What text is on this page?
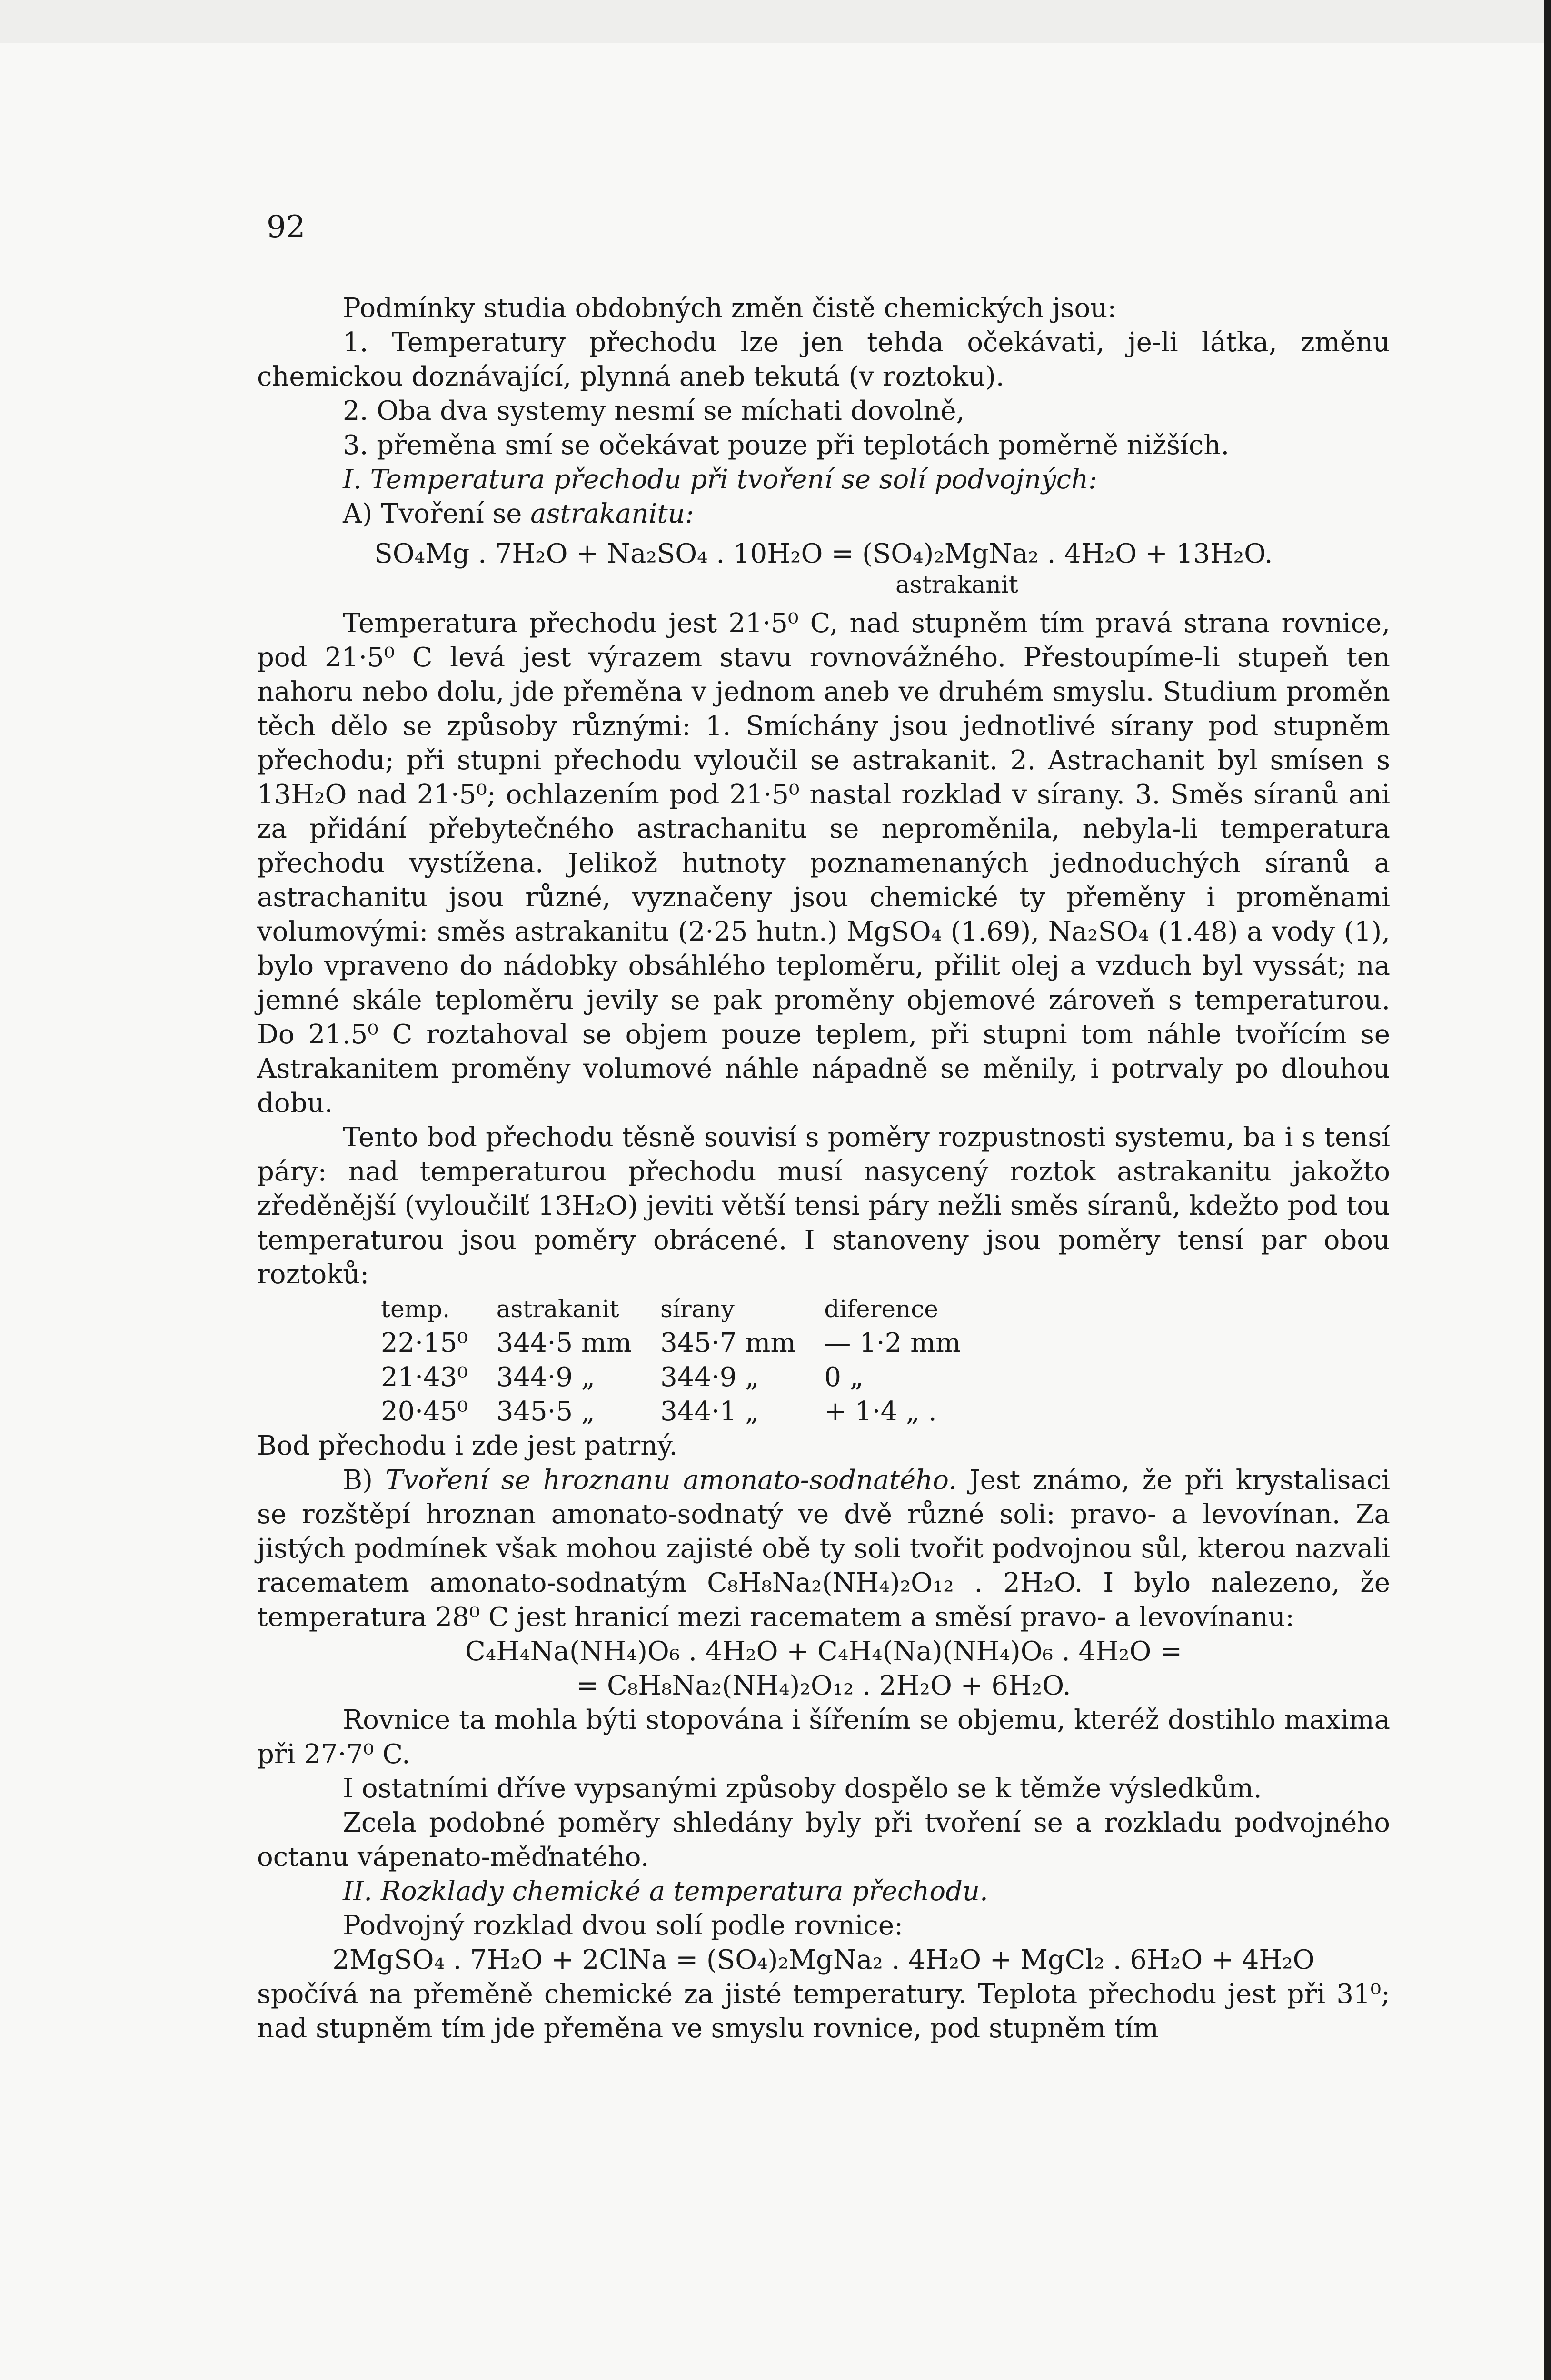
92

Podmínky studia obdobných změn čistě chemických jsou:

1. Temperatury přechodu lze jen tehda očekávati, je-li látka, změnu chemickou doznávající, plynná aneb tekutá (v roztoku).

2. Oba dva systemy nesmí se míchati dovolně,

3. přeměna smí se očekávat pouze při teplotách poměrně nižších.

I. Temperatura přechodu při tvoření se solí podvojných:

A) Tvoření se astrakanitu:

SO₄Mg . 7H₂O + Na₂SO₄ . 10H₂O = (SO₄)₂MgNa₂ . 4H₂O + 13H₂O.

astrakanit

Temperatura přechodu jest 21·5⁰ C, nad stupněm tím pravá strana rovnice, pod 21·5⁰ C levá jest výrazem stavu rovnovážného. Přestoupíme-li stupeň ten nahoru nebo dolu, jde přeměna v jednom aneb ve druhém smyslu. Studium proměn těch dělo se způsoby různými: 1. Smíchány jsou jednotlivé sírany pod stupněm přechodu; při stupni přechodu vyloučil se astrakanit. 2. Astrachanit byl smísen s 13H₂O nad 21·5⁰; ochlazením pod 21·5⁰ nastal rozklad v sírany. 3. Směs síranů ani za přidání přebytečného astrachanitu se neproměnila, nebyla-li temperatura přechodu vystížena. Jelikož hutnoty poznamenaných jednoduchých síranů a astrachanitu jsou různé, vyznačeny jsou chemické ty přeměny i proměnami volumovými: směs astrakanitu (2·25 hutn.) MgSO₄ (1.69), Na₂SO₄ (1.48) a vody (1), bylo vpraveno do nádobky obsáhlého teploměru, přilit olej a vzduch byl vyssát; na jemné skále teploměru jevily se pak proměny objemové zároveň s temperaturou. Do 21.5⁰ C roztahoval se objem pouze teplem, při stupni tom náhle tvořícím se Astrakanitem proměny volumové náhle nápadně se měnily, i potrvaly po dlouhou dobu.

Tento bod přechodu těsně souvisí s poměry rozpustnosti systemu, ba i s tensí páry: nad temperaturou přechodu musí nasycený roztok astrakanitu jakožto zředěnější (vyloučilť 13H₂O) jeviti větší tensi páry nežli směs síranů, kdežto pod tou temperaturou jsou poměry obrácené. I stanoveny jsou poměry tensí par obou roztoků:

temp.	astrakanit	sírany	diference
22·15⁰	344·5 mm	345·7 mm	— 1·2 mm
21·43⁰	344·9 „	344·9 „	0 „
20·45⁰	345·5 „	344·1 „	+ 1·4 „ .

Bod přechodu i zde jest patrný.

B) Tvoření se hroznanu amonato-sodnatého. Jest známo, že při krystalisaci se rozštěpí hroznan amonato-sodnatý ve dvě různé soli: pravo- a levovínan. Za jistých podmínek však mohou zajisté obě ty soli tvořit podvojnou sůl, kterou nazvali racematem amonato-sodnatým C₈H₈Na₂(NH₄)₂O₁₂ . 2H₂O. I bylo nalezeno, že temperatura 28⁰ C jest hranicí mezi racematem a směsí pravo- a levovínanu:

C₄H₄Na(NH₄)O₆ . 4H₂O + C₄H₄(Na)(NH₄)O₆ . 4H₂O =

= C₈H₈Na₂(NH₄)₂O₁₂ . 2H₂O + 6H₂O.

Rovnice ta mohla býti stopována i šířením se objemu, kteréž dostihlo maxima při 27·7⁰ C.

I ostatními dříve vypsanými způsoby dospělo se k těmže výsledkům.

Zcela podobné poměry shledány byly při tvoření se a rozkladu podvojného octanu vápenato-měďnatého.

II. Rozklady chemické a temperatura přechodu.

Podvojný rozklad dvou solí podle rovnice:

2MgSO₄ . 7H₂O + 2ClNa = (SO₄)₂MgNa₂ . 4H₂O + MgCl₂ . 6H₂O + 4H₂O

spočívá na přeměně chemické za jisté temperatury. Teplota přechodu jest při 31⁰; nad stupněm tím jde přeměna ve smyslu rovnice, pod stupněm tím
